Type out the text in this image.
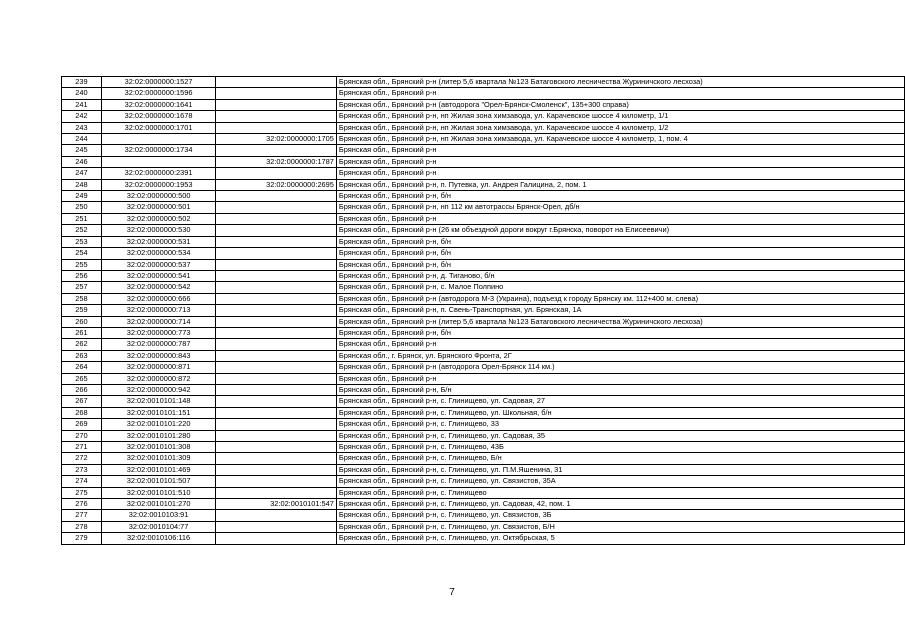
239	32:02:0000000:1527		Брянская обл., Брянский р-н (литер 5,6 квартала №123 Батаговского лесничества Журиничского лесхоза)
240	32:02:0000000:1596		Брянская обл., Брянский р-н
241	32:02:0000000:1641		Брянская обл., Брянский р-н (автодорога "Орел-Брянск-Смоленск", 135+300 справа)
242	32:02:0000000:1678		Брянская обл., Брянский р-н, нп Жилая зона химзавода, ул. Карачевское шоссе 4 километр, 1/1
243	32:02:0000000:1701		Брянская обл., Брянский р-н, нп Жилая зона химзавода, ул. Карачевское шоссе 4 километр, 1/2
244		32:02:0000000:1705	Брянская обл., Брянский р-н, нп Жилая зона химзавода, ул. Карачевское шоссе 4 километр, 1, пом. 4
245	32:02:0000000:1734		Брянская обл., Брянский р-н
246		32:02:0000000:1787	Брянская обл., Брянский р-н
247	32:02:0000000:2391		Брянская обл., Брянский р-н
248	32:02:0000000:1953	32:02:0000000:2695	Брянская обл., Брянский р-н, п. Путевка, ул. Андрея Галицина, 2, пом. 1
249	32:02:0000000:500		Брянская обл., Брянский р-н, б/н
250	32:02:0000000:501		Брянская обл., Брянский р-н, нп 112 км автотрассы Брянск-Орел, дб/н
251	32:02:0000000:502		Брянская обл., Брянский р-н
252	32:02:0000000:530		Брянская обл., Брянский р-н (26 км объездной дороги вокруг г.Брянска, поворот на Елисеевичи)
253	32:02:0000000:531		Брянская обл., Брянский р-н, б/н
254	32:02:0000000:534		Брянская обл., Брянский р-н, б/н
255	32:02:0000000:537		Брянская обл., Брянский р-н, б/н
256	32:02:0000000:541		Брянская обл., Брянский р-н, д. Тиганово, б/н
257	32:02:0000000:542		Брянская обл., Брянский р-н, с. Малое Полпино
258	32:02:0000000:666		Брянская обл., Брянский р-н (автодорога М-3 (Украина), подъезд к городу Брянску км. 112+400 м. слева)
259	32:02:0000000:713		Брянская обл., Брянский р-н, п. Свень-Транспортная, ул. Брянская, 1А
260	32:02:0000000:714		Брянская обл., Брянский р-н (литер 5,6 квартала №123 Батаговского лесничества Журиничского лесхоза)
261	32:02:0000000:773		Брянская обл., Брянский р-н, б/н
262	32:02:0000000:787		Брянская обл., Брянский р-н
263	32:02:0000000:843		Брянская обл., г. Брянск, ул. Брянского Фронта, 2Г
264	32:02:0000000:871		Брянская обл., Брянский р-н (автодорога Орел-Брянск 114 км.)
265	32:02:0000000:872		Брянская обл., Брянский р-н
266	32:02:0000000:942		Брянская обл., Брянский р-н, Б/н
267	32:02:0010101:148		Брянская обл., Брянский р-н, с. Глинищево, ул. Садовая, 27
268	32:02:0010101:151		Брянская обл., Брянский р-н, с. Глинищево, ул. Школьная, б/н
269	32:02:0010101:220		Брянская обл., Брянский р-н, с. Глинищево, 33
270	32:02:0010101:280		Брянская обл., Брянский р-н, с. Глинищево, ул. Садовая, 35
271	32:02:0010101:308		Брянская обл., Брянский р-н, с. Глинищево, 43Б
272	32:02:0010101:309		Брянская обл., Брянский р-н, с. Глинищево, Б/н
273	32:02:0010101:469		Брянская обл., Брянский р-н, с. Глинищево, ул. П.М.Яшенина, 31
274	32:02:0010101:507		Брянская обл., Брянский р-н, с. Глинищево, ул. Связистов, 35А
275	32:02:0010101:510		Брянская обл., Брянский р-н, с. Глинищево
276	32:02:0010101:270	32:02:0010101:547	Брянская обл., Брянский р-н, с. Глинищево, ул. Садовая, 42, пом. 1
277	32:02:0010103:91		Брянская обл., Брянский р-н, с. Глинищево, ул. Связистов, 3Б
278	32:02:0010104:77		Брянская обл., Брянский р-н, с. Глинищево, ул. Связистов, Б/Н
279	32:02:0010106:116		Брянская обл., Брянский р-н, с. Глинищево, ул. Октябрьская, 5
7
